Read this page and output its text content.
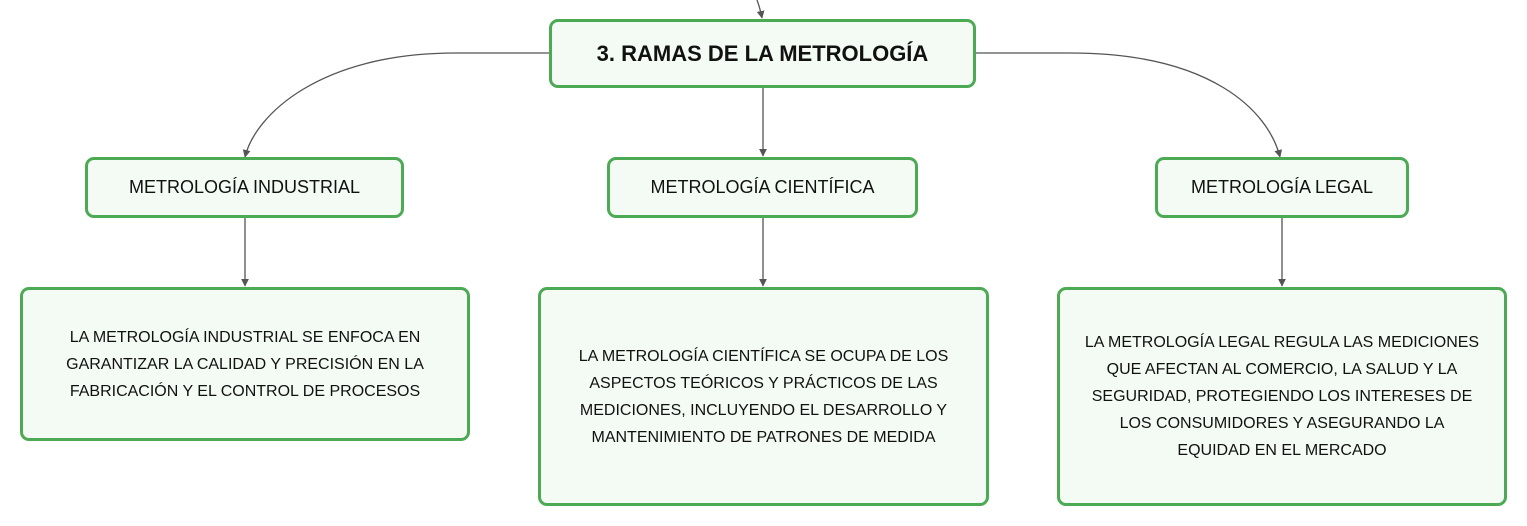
3. RAMAS DE LA METROLOGÍA
METROLOGÍA INDUSTRIAL	METROLOGÍA CIENTÍFICA	METROLOGÍA LEGAL
LA METROLOGÍA INDUSTRIAL SE ENFOCA EN GARANTIZAR LA CALIDAD Y PRECISIÓN EN LA FABRICACIÓN Y EL CONTROL DE PROCESOS
LA METROLOGÍA CIENTÍFICA SE OCUPA DE LOS ASPECTOS TEÓRICOS Y PRÁCTICOS DE LAS MEDICIONES, INCLUYENDO EL DESARROLLO Y MANTENIMIENTO DE PATRONES DE MEDIDA
LA METROLOGÍA LEGAL REGULA LAS MEDICIONES QUE AFECTAN AL COMERCIO, LA SALUD Y LA SEGURIDAD, PROTEGIENDO LOS INTERESES DE LOS CONSUMIDORES Y ASEGURANDO LA EQUIDAD EN EL MERCADO
